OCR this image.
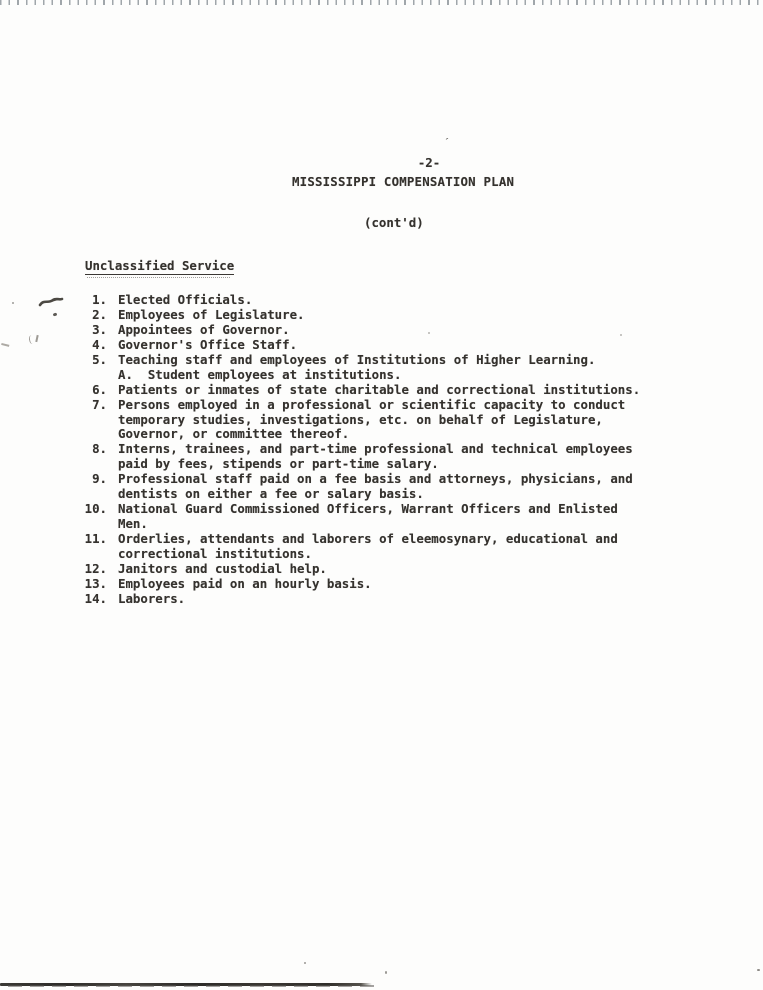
-2-

´

MISSISSIPPI COMPENSATION PLAN
(cont'd)
Unclassified Service
1. Elected Officials.
2. Employees of Legislature.
3. Appointees of Governor.
4. Governor's Office Staff.
5. Teaching staff and employees of Institutions of Higher Learning.
A.  Student employees at institutions.
6. Patients or inmates of state charitable and correctional institutions.
7. Persons employed in a professional or scientific capacity to conduct
temporary studies, investigations, etc. on behalf of Legislature,
Governor, or committee thereof.
8. Interns, trainees, and part-time professional and technical employees
paid by fees, stipends or part-time salary.
9. Professional staff paid on a fee basis and attorneys, physicians, and
dentists on either a fee or salary basis.
10. National Guard Commissioned Officers, Warrant Officers and Enlisted
Men.
11. Orderlies, attendants and laborers of eleemosynary, educational and
correctional institutions.
12. Janitors and custodial help.
13. Employees paid on an hourly basis.
14. Laborers.
